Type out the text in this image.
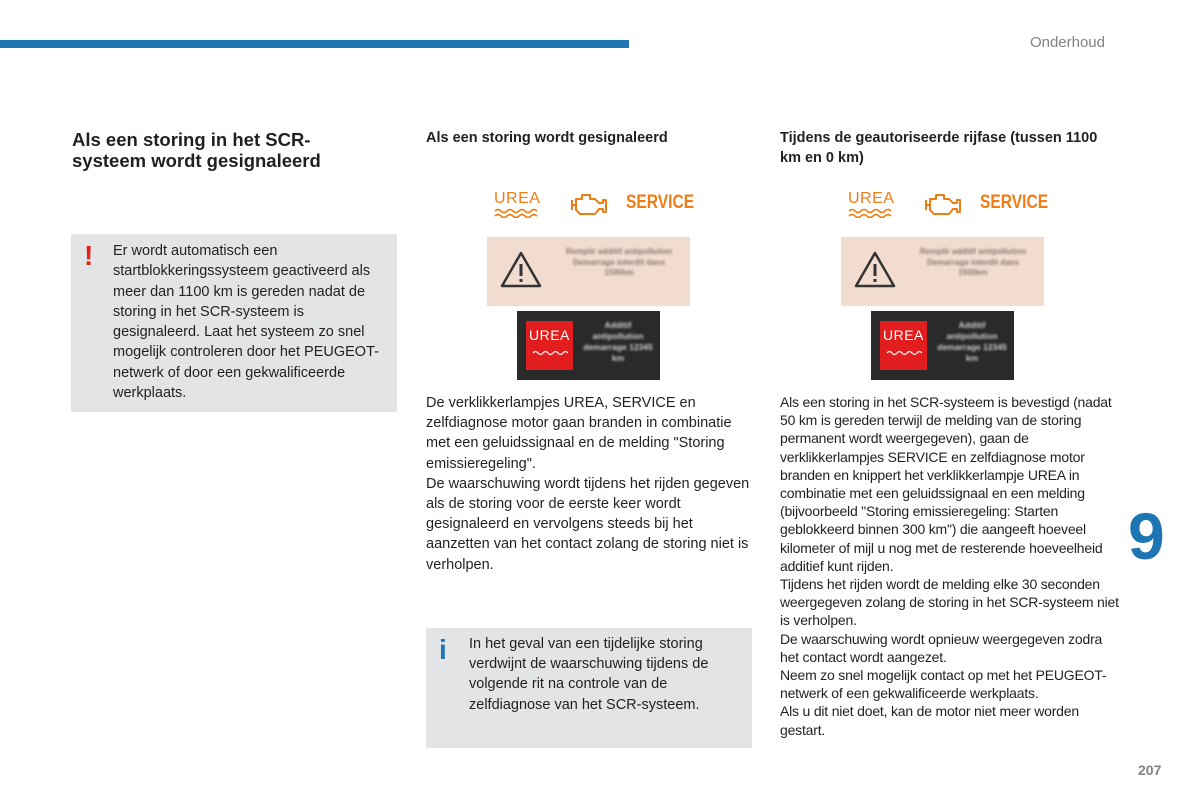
Onderhoud
Als een storing in het SCR-systeem wordt gesignaleerd
! Er wordt automatisch een startblokkeringssysteem geactiveerd als meer dan 1100 km is gereden nadat de storing in het SCR-systeem is gesignaleerd. Laat het systeem zo snel mogelijk controleren door het PEUGEOT-netwerk of door een gekwalificeerde werkplaats.
Als een storing wordt gesignaleerd
UREA	SERVICE
Remplir additif antipollution Demarrage interdit dans 1500km
UREA
Additif antipollution demarrage 12345 km

De verklikkerlampjes UREA, SERVICE en zelfdiagnose motor gaan branden in combinatie met een geluidssignaal en de melding "Storing emissieregeling".

De waarschuwing wordt tijdens het rijden gegeven als de storing voor de eerste keer wordt gesignaleerd en vervolgens steeds bij het aanzetten van het contact zolang de storing niet is verholpen.

i In het geval van een tijdelijke storing verdwijnt de waarschuwing tijdens de volgende rit na controle van de zelfdiagnose van het SCR-systeem.
Tijdens de geautoriseerde rijfase (tussen 1100 km en 0 km)
UREA	SERVICE
Remplir additif antipollution Demarrage interdit dans 1500km
UREA
Additif antipollution demarrage 12345 km

Als een storing in het SCR-systeem is bevestigd (nadat 50 km is gereden terwijl de melding van de storing permanent wordt weergegeven), gaan de verklikkerlampjes SERVICE en zelfdiagnose motor branden en knippert het verklikkerlampje UREA in combinatie met een geluidssignaal en een melding (bijvoorbeeld "Storing emissieregeling: Starten geblokkeerd binnen 300 km") die aangeeft hoeveel kilometer of mijl u nog met de resterende hoeveelheid additief kunt rijden.

Tijdens het rijden wordt de melding elke 30 seconden weergegeven zolang de storing in het SCR-systeem niet is verholpen.

De waarschuwing wordt opnieuw weergegeven zodra het contact wordt aangezet.

Neem zo snel mogelijk contact op met het PEUGEOT-netwerk of een gekwalificeerde werkplaats.

Als u dit niet doet, kan de motor niet meer worden gestart.

9
207
